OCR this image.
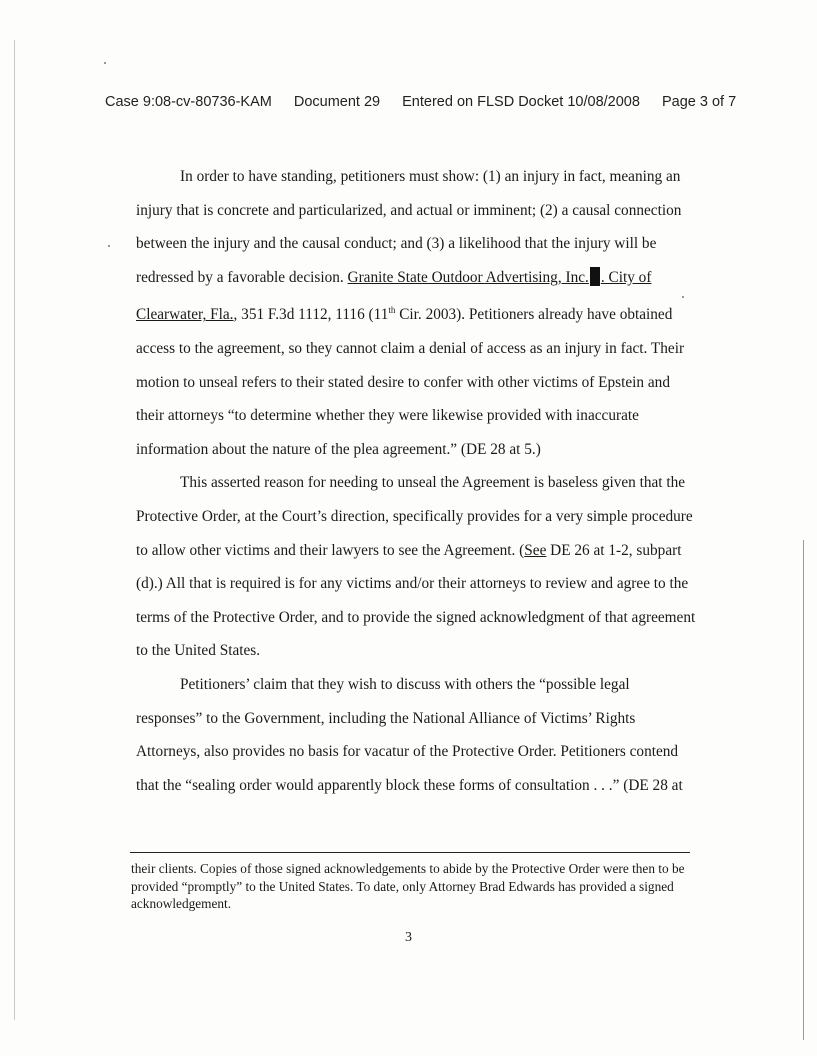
Case 9:08-cv-80736-KAM Document 29 Entered on FLSD Docket 10/08/2008 Page 3 of 7

In order to have standing, petitioners must show: (1) an injury in fact, meaning an injury that is concrete and particularized, and actual or imminent; (2) a causal connection between the injury and the causal conduct; and (3) a likelihood that the injury will be redressed by a favorable decision. Granite State Outdoor Advertising, Inc. . City of Clearwater, Fla., 351 F.3d 1112, 1116 (11th Cir. 2003). Petitioners already have obtained access to the agreement, so they cannot claim a denial of access as an injury in fact. Their motion to unseal refers to their stated desire to confer with other victims of Epstein and their attorneys “to determine whether they were likewise provided with inaccurate information about the nature of the plea agreement.” (DE 28 at 5.)

This asserted reason for needing to unseal the Agreement is baseless given that the Protective Order, at the Court’s direction, specifically provides for a very simple procedure to allow other victims and their lawyers to see the Agreement. (See DE 26 at 1-2, subpart (d).) All that is required is for any victims and/or their attorneys to review and agree to the terms of the Protective Order, and to provide the signed acknowledgment of that agreement to the United States.

Petitioners’ claim that they wish to discuss with others the “possible legal responses” to the Government, including the National Alliance of Victims’ Rights Attorneys, also provides no basis for vacatur of the Protective Order. Petitioners contend that the “sealing order would apparently block these forms of consultation . . .” (DE 28 at

their clients. Copies of those signed acknowledgements to abide by the Protective Order were then to be provided “promptly” to the United States. To date, only Attorney Brad Edwards has provided a signed acknowledgement.

3
